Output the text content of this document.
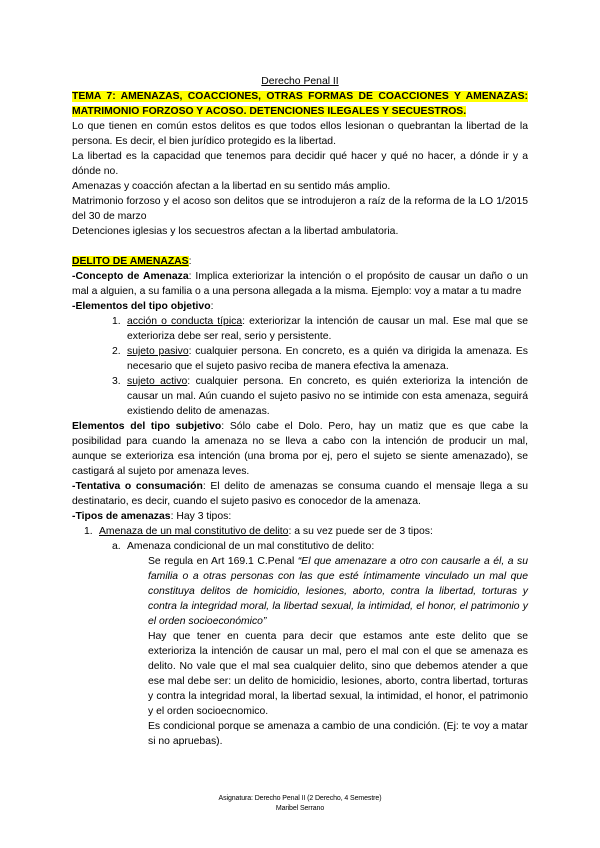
Derecho Penal II
TEMA 7: AMENAZAS, COACCIONES, OTRAS FORMAS DE COACCIONES Y AMENAZAS: MATRIMONIO FORZOSO Y ACOSO. DETENCIONES ILEGALES Y SECUESTROS.
Lo que tienen en común estos delitos es que todos ellos lesionan o quebrantan la libertad de la persona. Es decir, el bien jurídico protegido es la libertad.
La libertad es la capacidad que tenemos para decidir qué hacer y qué no hacer, a dónde ir y a dónde no.
Amenazas y coacción afectan a la libertad en su sentido más amplio.
Matrimonio forzoso y el acoso son delitos que se introdujeron a raíz de la reforma de la LO 1/2015 del 30 de marzo
Detenciones iglesias y los secuestros afectan a la libertad ambulatoria.
DELITO DE AMENAZAS:
-Concepto de Amenaza: Implica exteriorizar la intención o el propósito de causar un daño o un mal a alguien, a su familia o a una persona allegada a la misma. Ejemplo: voy a matar a tu madre
-Elementos del tipo objetivo:
1. acción o conducta típica: exteriorizar la intención de causar un mal. Ese mal que se exterioriza debe ser real, serio y persistente.
2. sujeto pasivo: cualquier persona. En concreto, es a quién va dirigida la amenaza. Es necesario que el sujeto pasivo reciba de manera efectiva la amenaza.
3. sujeto activo: cualquier persona. En concreto, es quién exterioriza la intención de causar un mal. Aún cuando el sujeto pasivo no se intimide con esta amenaza, seguirá existiendo delito de amenazas.
Elementos del tipo subjetivo: Sólo cabe el Dolo. Pero, hay un matiz que es que cabe la posibilidad para cuando la amenaza no se lleva a cabo con la intención de producir un mal, aunque se exterioriza esa intención (una broma por ej, pero el sujeto se siente amenazado), se castigará al sujeto por amenaza leves.
-Tentativa o consumación: El delito de amenazas se consuma cuando el mensaje llega a su destinatario, es decir, cuando el sujeto pasivo es conocedor de la amenaza.
-Tipos de amenazas: Hay 3 tipos:
1. Amenaza de un mal constitutivo de delito: a su vez puede ser de 3 tipos:
a. Amenaza condicional de un mal constitutivo de delito:
Se regula en Art 169.1 C.Penal “El que amenazare a otro con causarle a él, a su familia o a otras personas con las que esté íntimamente vinculado un mal que constituya delitos de homicidio, lesiones, aborto, contra la libertad, torturas y contra la integridad moral, la libertad sexual, la intimidad, el honor, el patrimonio y el orden socioeconómico”
Hay que tener en cuenta para decir que estamos ante este delito que se exterioriza la intención de causar un mal, pero el mal con el que se amenaza es delito. No vale que el mal sea cualquier delito, sino que debemos atender a que ese mal debe ser: un delito de homicidio, lesiones, aborto, contra libertad, torturas y contra la integridad moral, la libertad sexual, la intimidad, el honor, el patrimonio y el orden socioecnomico.
Es condicional porque se amenaza a cambio de una condición. (Ej: te voy a matar si no apruebas).
Asignatura: Derecho Penal II (2 Derecho, 4 Semestre)
Maribel Serrano
